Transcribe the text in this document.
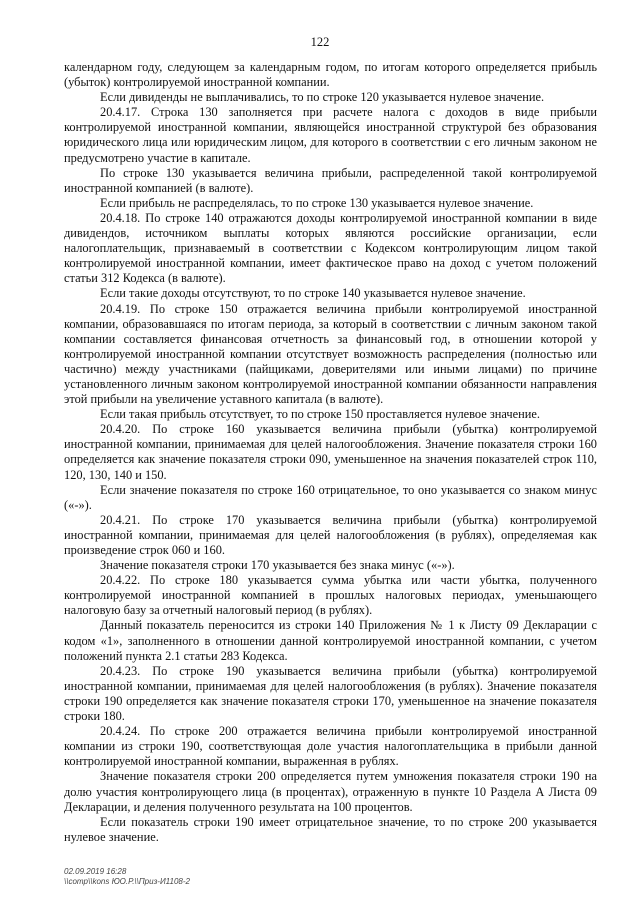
122

календарном году, следующем за календарным годом, по итогам которого определяется прибыль (убыток) контролируемой иностранной компании.

Если дивиденды не выплачивались, то по строке 120 указывается нулевое значение.

20.4.17. Строка 130 заполняется при расчете налога с доходов в виде прибыли контролируемой иностранной компании, являющейся иностранной структурой без образования юридического лица или юридическим лицом, для которого в соответствии с его личным законом не предусмотрено участие в капитале.

По строке 130 указывается величина прибыли, распределенной такой контролируемой иностранной компанией (в валюте).

Если прибыль не распределялась, то по строке 130 указывается нулевое значение.

20.4.18. По строке 140 отражаются доходы контролируемой иностранной компании в виде дивидендов, источником выплаты которых являются российские организации, если налогоплательщик, признаваемый в соответствии с Кодексом контролирующим лицом такой контролируемой иностранной компании, имеет фактическое право на доход с учетом положений статьи 312 Кодекса (в валюте).

Если такие доходы отсутствуют, то по строке 140 указывается нулевое значение.

20.4.19. По строке 150 отражается величина прибыли контролируемой иностранной компании, образовавшаяся по итогам периода, за который в соответствии с личным законом такой компании составляется финансовая отчетность за финансовый год, в отношении которой у контролируемой иностранной компании отсутствует возможность распределения (полностью или частично) между участниками (пайщиками, доверителями или иными лицами) по причине установленного личным законом контролируемой иностранной компании обязанности направления этой прибыли на увеличение уставного капитала (в валюте).

Если такая прибыль отсутствует, то по строке 150 проставляется нулевое значение.

20.4.20. По строке 160 указывается величина прибыли (убытка) контролируемой иностранной компании, принимаемая для целей налогообложения. Значение показателя строки 160 определяется как значение показателя строки 090, уменьшенное на значения показателей строк 110, 120, 130, 140 и 150.

Если значение показателя по строке 160 отрицательное, то оно указывается со знаком минус («-»).

20.4.21. По строке 170 указывается величина прибыли (убытка) контролируемой иностранной компании, принимаемая для целей налогообложения (в рублях), определяемая как произведение строк 060 и 160.

Значение показателя строки 170 указывается без знака минус («-»).

20.4.22. По строке 180 указывается сумма убытка или части убытка, полученного контролируемой иностранной компанией в прошлых налоговых периодах, уменьшающего налоговую базу за отчетный налоговый период (в рублях).

Данный показатель переносится из строки 140 Приложения № 1 к Листу 09 Декларации с кодом «1», заполненного в отношении данной контролируемой иностранной компании, с учетом положений пункта 2.1 статьи 283 Кодекса.

20.4.23. По строке 190 указывается величина прибыли (убытка) контролируемой иностранной компании, принимаемая для целей налогообложения (в рублях). Значение показателя строки 190 определяется как значение показателя строки 170, уменьшенное на значение показателя строки 180.

20.4.24. По строке 200 отражается величина прибыли контролируемой иностранной компании из строки 190, соответствующая доле участия налогоплательщика в прибыли данной контролируемой иностранной компании, выраженная в рублях.

Значение показателя строки 200 определяется путем умножения показателя строки 190 на долю участия контролирующего лица (в процентах), отраженную в пункте 10 Раздела А Листа 09 Декларации, и деления полученного результата на 100 процентов.

Если показатель строки 190 имеет отрицательное значение, то по строке 200 указывается нулевое значение.

02.09.2019 16:28
\\comp\\kons ЮО.Р.\\Приз-И1108-2
